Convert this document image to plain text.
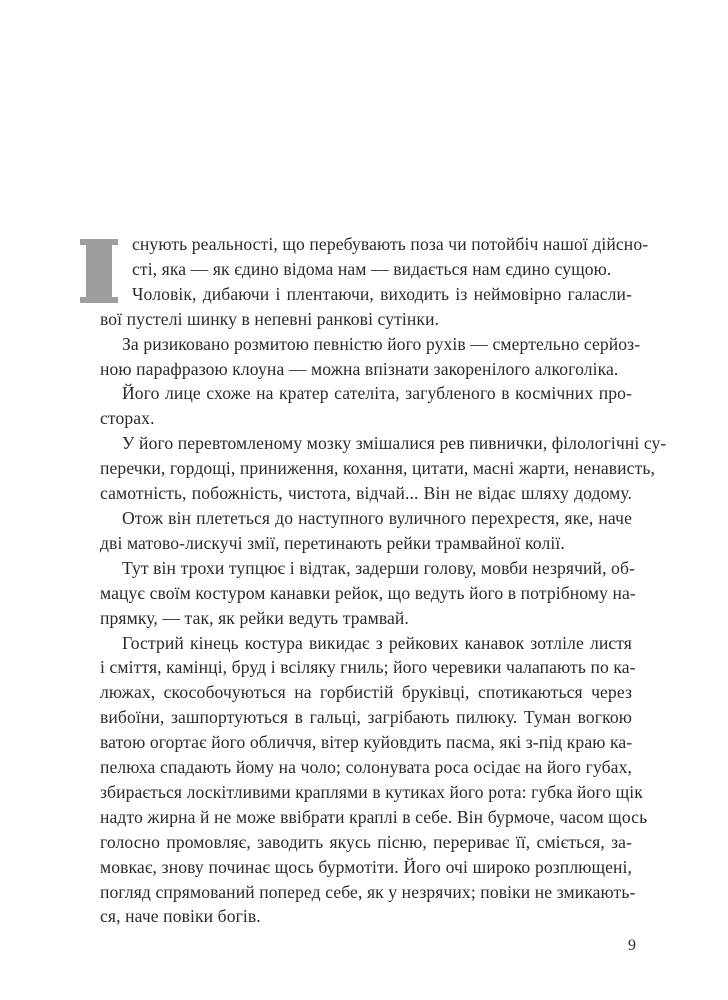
снують реальності, що перебувають поза чи потойбіч нашої дійсно-
сті, яка — як єдино відома нам — видається нам єдино сущою.

Чоловік, дибаючи і плентаючи, виходить із неймовірно галасли-
вої пустелі шинку в непевні ранкові сутінки.

За ризиковано розмитою певністю його рухів — смертельно серйоз-
ною парафразою клоуна — можна впізнати закоренілого алкоголіка.

Його лице схоже на кратер сателіта, загубленого в космічних про-
сторах.

У його перевтомленому мозку змішалися рев пивнички, філологічні су-
перечки, гордощі, приниження, кохання, цитати, масні жарти, ненависть,
самотність, побожність, чистота, відчай... Він не відає шляху додому.

Отож він плететься до наступного вуличного перехрестя, яке, наче
дві матово-лискучі змії, перетинають рейки трамвайної колії.

Тут він трохи тупцює і відтак, задерши голову, мовби незрячий, об-
мацує своїм костуром канавки рейок, що ведуть його в потрібному на-
прямку, — так, як рейки ведуть трамвай.

Гострий кінець костура викидає з рейкових канавок зотліле листя
і сміття, камінці, бруд і всіляку гниль; його черевики чалапають по ка-
люжах, скособочуються на горбистій бруківці, спотикаються через
вибоїни, зашпортуються в гальці, загрібають пилюку. Туман вогкою
ватою огортає його обличчя, вітер куйовдить пасма, які з-під краю ка-
пелюха спадають йому на чоло; солонувата роса осідає на його губах,
збирається лоскітливими краплями в кутиках його рота: губка його щік
надто жирна й не може ввібрати краплі в себе. Він бурмоче, часом щось
голосно промовляє, заводить якусь пісню, перериває її, сміється, за-
мовкає, знову починає щось бурмотіти. Його очі широко розплющені,
погляд спрямований поперед себе, як у незрячих; повіки не змикають-
ся, наче повіки богів.

9
